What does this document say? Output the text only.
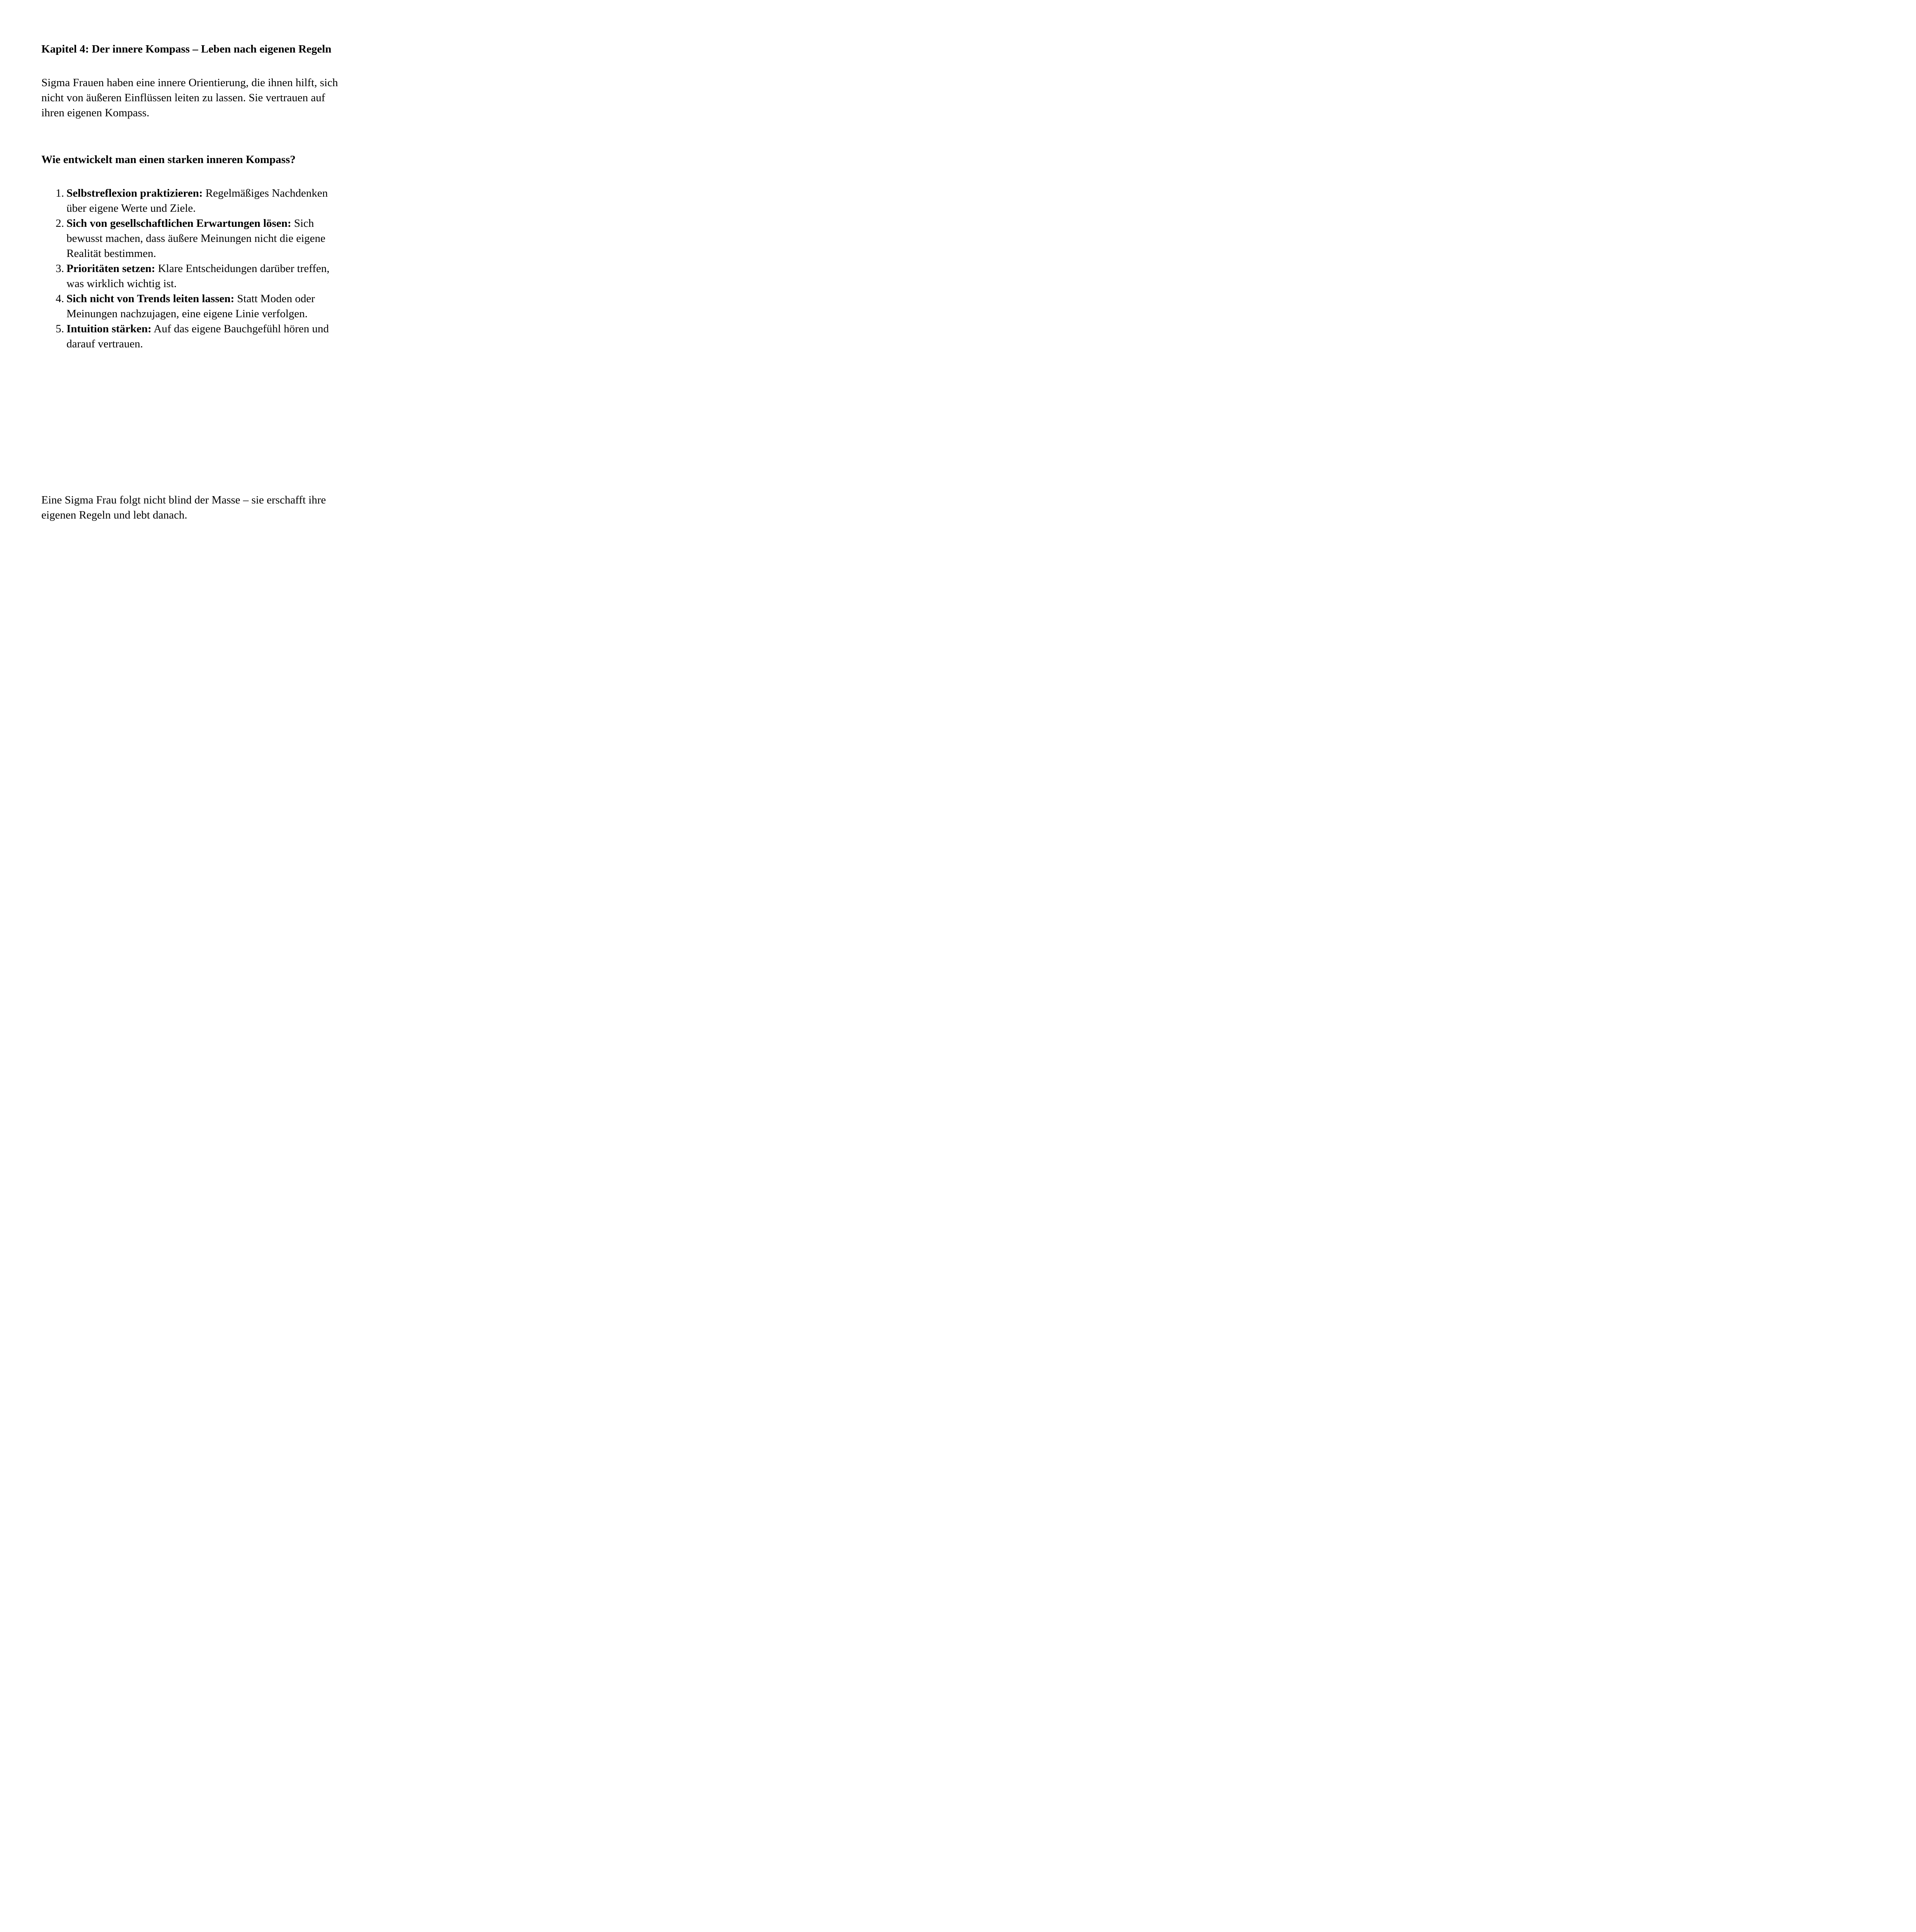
Kapitel 4: Der innere Kompass – Leben nach eigenen Regeln
Sigma Frauen haben eine innere Orientierung, die ihnen hilft, sich
nicht von äußeren Einflüssen leiten zu lassen. Sie vertrauen auf
ihren eigenen Kompass.
Wie entwickelt man einen starken inneren Kompass?
1. Selbstreflexion praktizieren: Regelmäßiges Nachdenken
über eigene Werte und Ziele.
2. Sich von gesellschaftlichen Erwartungen lösen: Sich
bewusst machen, dass äußere Meinungen nicht die eigene
Realität bestimmen.
3. Prioritäten setzen: Klare Entscheidungen darüber treffen,
was wirklich wichtig ist.
4. Sich nicht von Trends leiten lassen: Statt Moden oder
Meinungen nachzujagen, eine eigene Linie verfolgen.
5. Intuition stärken: Auf das eigene Bauchgefühl hören und
darauf vertrauen.
Eine Sigma Frau folgt nicht blind der Masse – sie erschafft ihre
eigenen Regeln und lebt danach.
